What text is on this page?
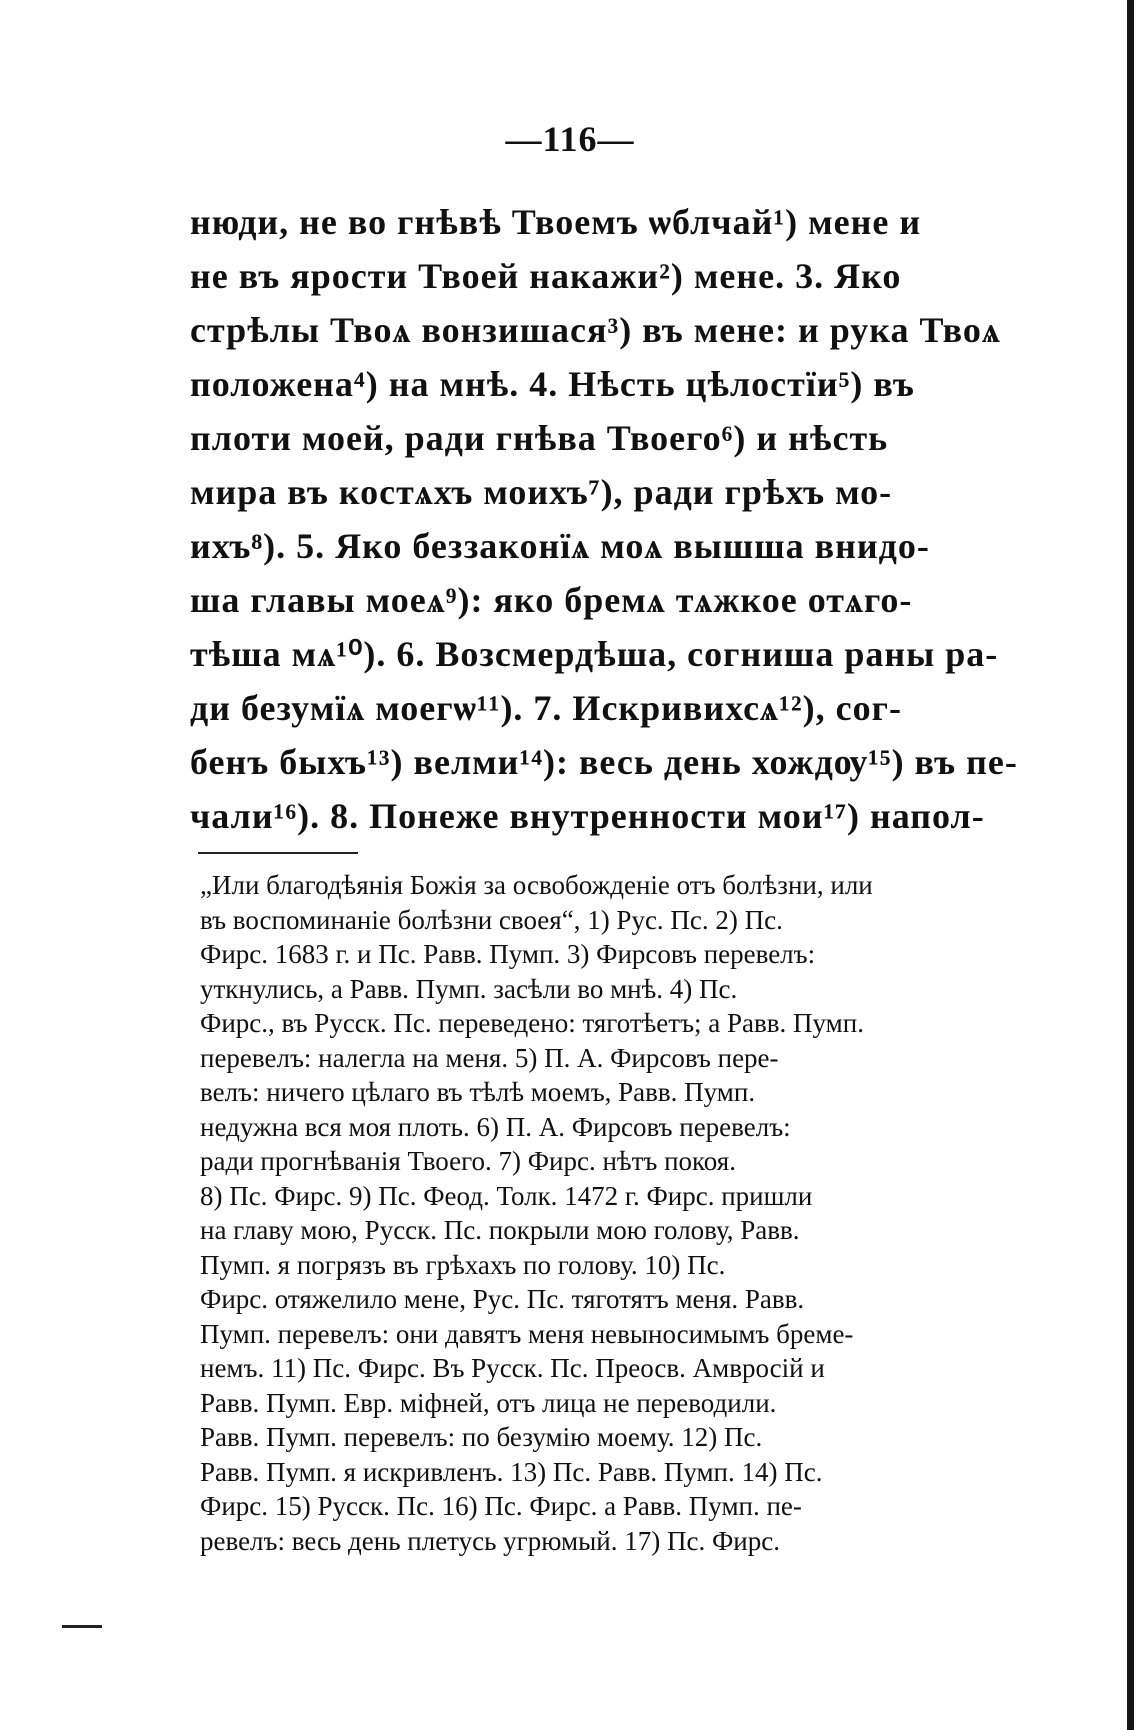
—116—
нюди, не во гнѣвѣ Твоемъ ѡблчай¹) мене и
не въ ярости Твоей накажи²) мене. 3. Яко
стрѣлы Твоѧ вонзишася³) въ мене: и рука Твоѧ
положена⁴) на мнѣ. 4. Нѣсть цѣлостїи⁵) въ
плоти моей, ради гнѣва Твоего⁶) и нѣсть
мира въ костѧхъ моихъ⁷), ради грѣхъ мо-
ихъ⁸). 5. Яко беззаконїѧ моѧ вышша внидо-
ша главы моеѧ⁹): яко бремѧ тѧжкое отѧго-
тѣша мѧ¹⁰). 6. Возсмердѣша, согниша раны ра-
ди безумїѧ моегѡ¹¹). 7. Искривихсѧ¹²), сог-
бенъ быхъ¹³) велми¹⁴): весь день хождѹ¹⁵) въ пе-
чали¹⁶). 8. Понеже внутренности мои¹⁷) напол-
„Или благодѣянія Божія за освобожденіе отъ болѣзни, или
въ воспоминаніе болѣзни своея“, 1) Рус. Пс. 2) Пс.
Фирс. 1683 г. и Пс. Равв. Пумп. 3) Фирсовъ перевелъ:
уткнулись, а Равв. Пумп. засѣли во мнѣ. 4) Пс.
Фирс., въ Русск. Пс. переведено: тяготѣетъ; а Равв. Пумп.
перевелъ: налегла на меня. 5) П. А. Фирсовъ пере-
велъ: ничего цѣлаго въ тѣлѣ моемъ, Равв. Пумп.
недужна вся моя плоть. 6) П. А. Фирсовъ перевелъ:
ради прогнѣванія Твоего. 7) Фирс. нѣтъ покоя.
8) Пс. Фирс. 9) Пс. Феод. Толк. 1472 г. Фирс. пришли
на главу мою, Русск. Пс. покрыли мою голову, Равв.
Пумп. я погрязъ въ грѣхахъ по голову. 10) Пс.
Фирс. отяжелило мене, Рус. Пс. тяготятъ меня. Равв.
Пумп. перевелъ: они давятъ меня невыносимымъ бреме-
немъ. 11) Пс. Фирс. Въ Русск. Пс. Преосв. Амвросій и
Равв. Пумп. Евр. міфней, отъ лица не переводили.
Равв. Пумп. перевелъ: по безумію моему. 12) Пс.
Равв. Пумп. я искривленъ. 13) Пс. Равв. Пумп. 14) Пс.
Фирс. 15) Русск. Пс. 16) Пс. Фирс. а Равв. Пумп. пе-
ревелъ: весь день плетусь угрюмый. 17) Пс. Фирс.
